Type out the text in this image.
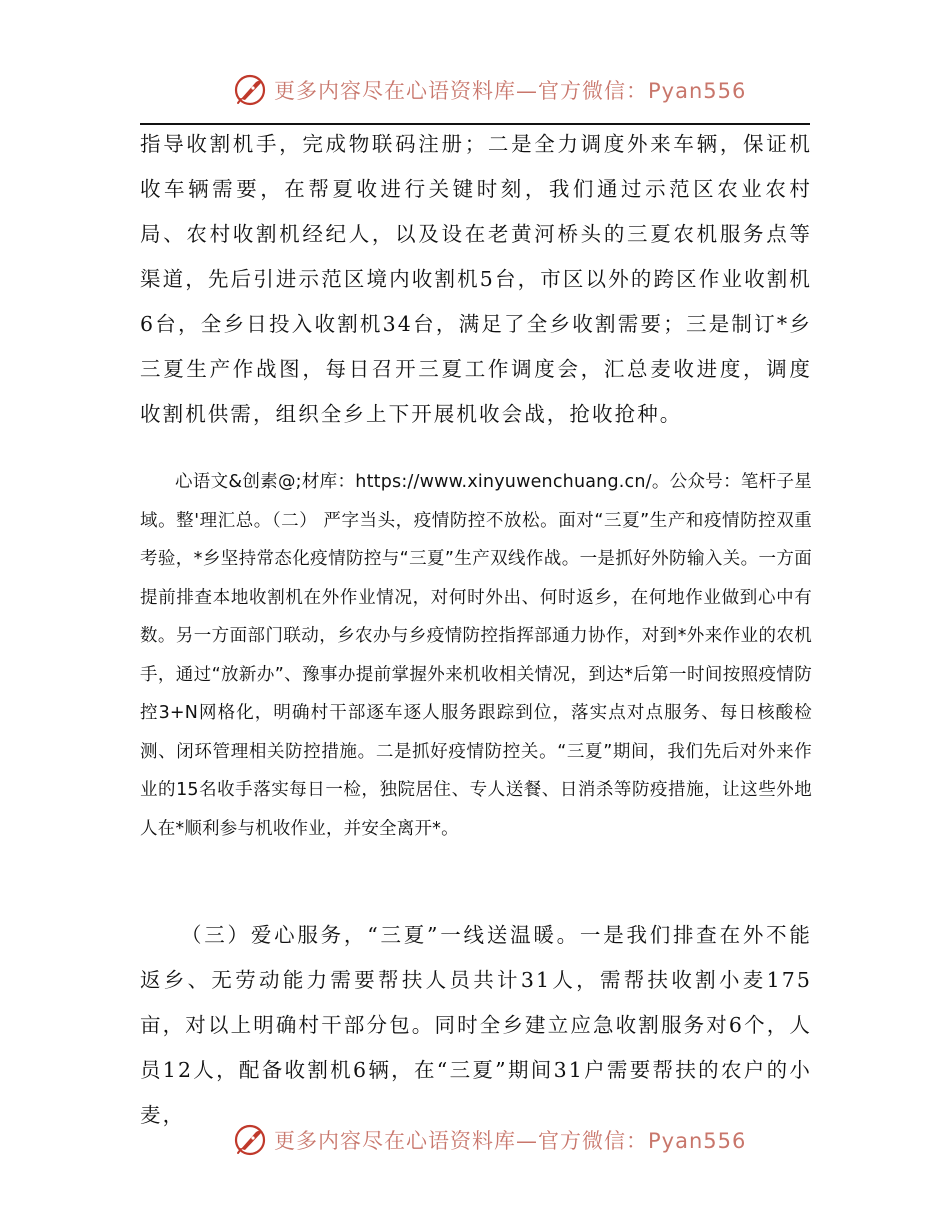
更多内容尽在心语资料库—官方微信：Pyan556

指导收割机手，完成物联码注册；二是全力调度外来车辆，保证机收车辆需要，在帮夏收进行关键时刻，我们通过示范区农业农村局、农村收割机经纪人，以及设在老黄河桥头的三夏农机服务点等渠道，先后引进示范区境内收割机5台，市区以外的跨区作业收割机6台，全乡日投入收割机34台，满足了全乡收割需要；三是制订*乡三夏生产作战图，每日召开三夏工作调度会，汇总麦收进度，调度收割机供需，组织全乡上下开展机收会战，抢收抢种。

心语文&创素@;材库：https://www.xinyuwenchuang.cn/。公众号：笔杆子星域。整'理汇总。（二） 严字当头，疫情防控不放松。面对“三夏”生产和疫情防控双重考验，*乡坚持常态化疫情防控与“三夏”生产双线作战。一是抓好外防输入关。一方面提前排查本地收割机在外作业情况，对何时外出、何时返乡，在何地作业做到心中有数。另一方面部门联动，乡农办与乡疫情防控指挥部通力协作，对到*外来作业的农机手，通过“放新办”、豫事办提前掌握外来机收相关情况，到达*后第一时间按照疫情防控3+N网格化，明确村干部逐车逐人服务跟踪到位，落实点对点服务、每日核酸检测、闭环管理相关防控措施。二是抓好疫情防控关。“三夏”期间，我们先后对外来作业的15名收手落实每日一检，独院居住、专人送餐、日消杀等防疫措施，让这些外地人在*顺利参与机收作业，并安全离开*。

（三）爱心服务，“三夏”一线送温暖。一是我们排查在外不能返乡、无劳动能力需要帮扶人员共计31人，需帮扶收割小麦175亩，对以上明确村干部分包。同时全乡建立应急收割服务对6个，人员12人，配备收割机6辆，在“三夏”期间31户需要帮扶的农户的小麦，

更多内容尽在心语资料库—官方微信：Pyan556
